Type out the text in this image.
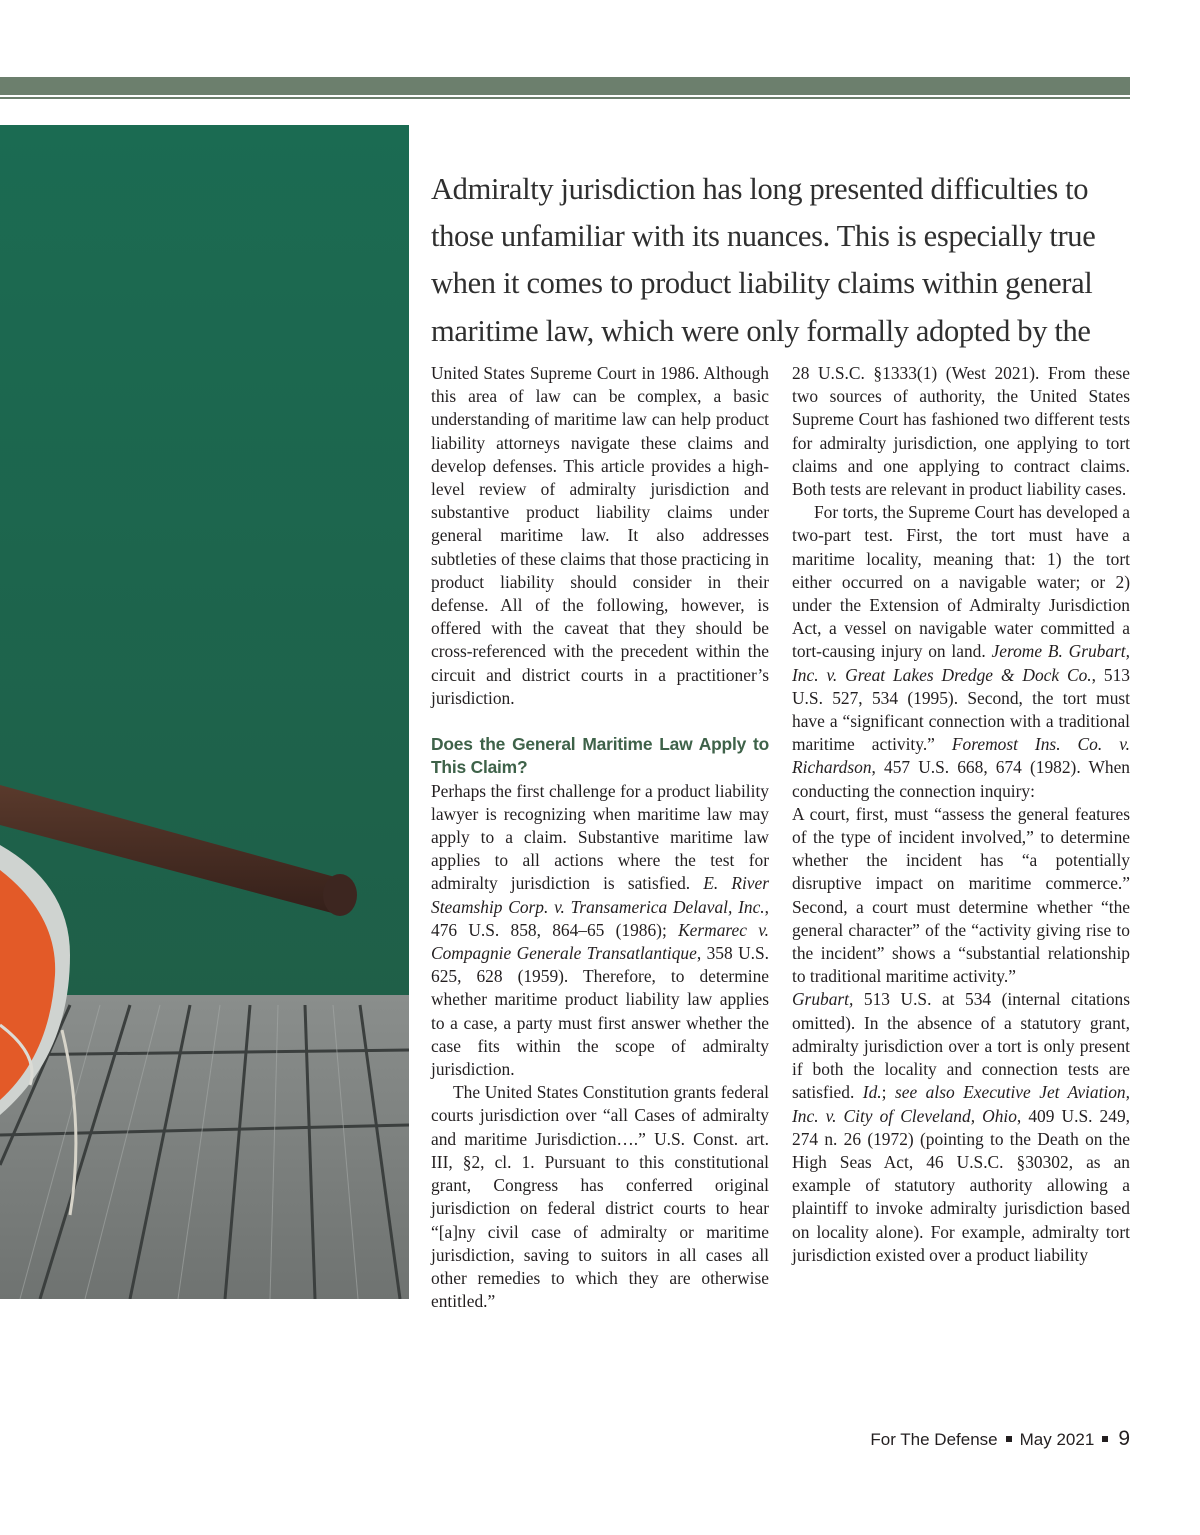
Admiralty jurisdiction has long presented difficulties to
those unfamiliar with its nuances. This is especially true
when it comes to product liability claims within general
maritime law, which were only formally adopted by the

United States Supreme Court in 1986. Although this area of law can be complex, a basic understanding of maritime law can help product liability attorneys navigate these claims and develop defenses. This article provides a high-level review of admiralty jurisdiction and substantive product liability claims under general maritime law. It also addresses subtleties of these claims that those practicing in product liability should consider in their defense. All of the following, however, is offered with the caveat that they should be cross-referenced with the precedent within the circuit and district courts in a practitioner’s jurisdiction.

Does the General Maritime Law Apply to This Claim?

Perhaps the first challenge for a product liability lawyer is recognizing when maritime law may apply to a claim. Substantive maritime law applies to all actions where the test for admiralty jurisdiction is satisfied. E. River Steamship Corp. v. Transamerica Delaval, Inc., 476 U.S. 858, 864–65 (1986); Kermarec v. Compagnie Generale Transatlantique, 358 U.S. 625, 628 (1959). Therefore, to determine whether maritime product liability law applies to a case, a party must first answer whether the case fits within the scope of admiralty jurisdiction.

The United States Constitution grants federal courts jurisdiction over “all Cases of admiralty and maritime Jurisdiction….” U.S. Const. art. III, §2, cl. 1. Pursuant to this constitutional grant, Congress has conferred original jurisdiction on federal district courts to hear “[a]ny civil case of admiralty or maritime jurisdiction, saving to suitors in all cases all other remedies to which they are otherwise entitled.”

28 U.S.C. §1333(1) (West 2021). From these two sources of authority, the United States Supreme Court has fashioned two different tests for admiralty jurisdiction, one applying to tort claims and one applying to contract claims. Both tests are relevant in product liability cases.

For torts, the Supreme Court has developed a two-part test. First, the tort must have a maritime locality, meaning that: 1) the tort either occurred on a navigable water; or 2) under the Extension of Admiralty Jurisdiction Act, a vessel on navigable water committed a tort-causing injury on land. Jerome B. Grubart, Inc. v. Great Lakes Dredge & Dock Co., 513 U.S. 527, 534 (1995). Second, the tort must have a “significant connection with a traditional maritime activity.” Foremost Ins. Co. v. Richardson, 457 U.S. 668, 674 (1982). When conducting the connection inquiry:

A court, first, must “assess the general features of the type of incident involved,” to determine whether the incident has “a potentially disruptive impact on maritime commerce.” Second, a court must determine whether “the general character” of the “activity giving rise to the incident” shows a “substantial relationship to traditional maritime activity.”

Grubart, 513 U.S. at 534 (internal citations omitted). In the absence of a statutory grant, admiralty jurisdiction over a tort is only present if both the locality and connection tests are satisfied. Id.; see also Executive Jet Aviation, Inc. v. City of Cleveland, Ohio, 409 U.S. 249, 274 n. 26 (1972) (pointing to the Death on the High Seas Act, 46 U.S.C. §30302, as an example of statutory authority allowing a plaintiff to invoke admiralty jurisdiction based on locality alone). For example, admiralty tort jurisdiction existed over a product liability

For The Defense May 2021 9
